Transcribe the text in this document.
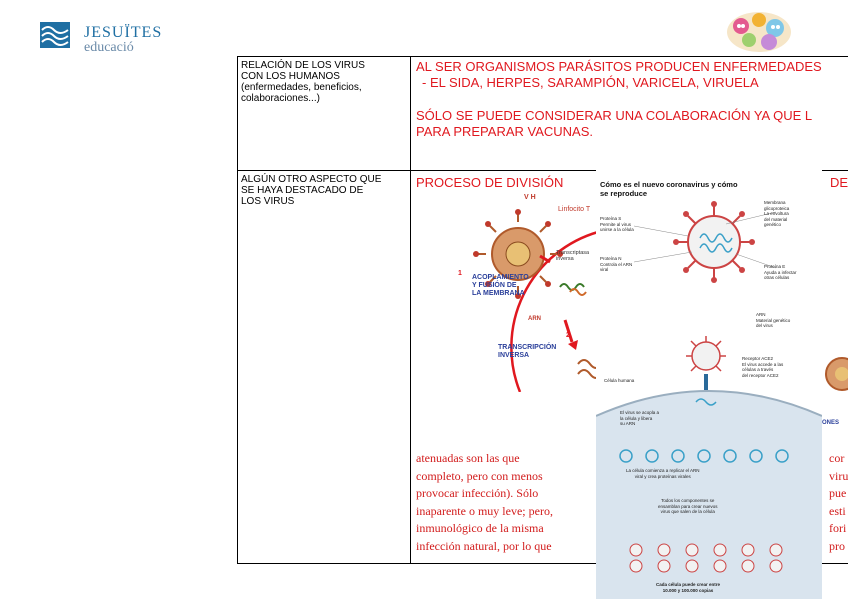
JESUÏTES
educació
RELACIÓN DE LOS VIRUS
CON LOS HUMANOS
(enfermedades, beneficios,
colaboraciones...)
AL SER ORGANISMOS PARÁSITOS PRODUCEN ENFERMEDADES
- EL SIDA, HERPES, SARAMPIÓN, VARICELA, VIRUELA
SÓLO SE PUEDE CONSIDERAR UNA COLABORACIÓN YA QUE L
PARA PREPARAR VACUNAS.
ALGÚN OTRO ASPECTO QUE
SE HAYA DESTACADO DE
LOS VIRUS
PROCESO DE DIVISIÓN	DE
atenuadas son las que
completo, pero con menos
provocar infección). Sólo
inaparente o muy leve; pero,
inmunológico de la misma
infección natural, por lo que
cor
viru
pue
esti
fori
pro
V H
Linfocito T
1
ACOPLAMIENTO
Y FUSIÓN DE
LA MEMBRANA
Transcriptasa
inversa
ARN
2
TRANSCRIPCIÓN
INVERSA
ONES
Cómo es el nuevo coronavirus y cómo
se reproduce
Proteína S
Permite al virus
unirse a la célula
Proteína N
Controla el ARN
viral
Membrana
glicoproteica
La envoltura
del material
genético
Proteína E
Ayuda a infectar
otras células
ARN
Material genético
del virus
Receptor ACE2
El virus accede a las
células a través
del receptor ACE2
Célula humana
El virus se acopla a
la célula y libera
su ARN
La célula comienza a replicar el ARN
viral y crea proteínas virales
Todos los componentes se
ensamblan para crear nuevos
virus que salen de la célula
Cada célula puede crear entre
10.000 y 100.000 copias
